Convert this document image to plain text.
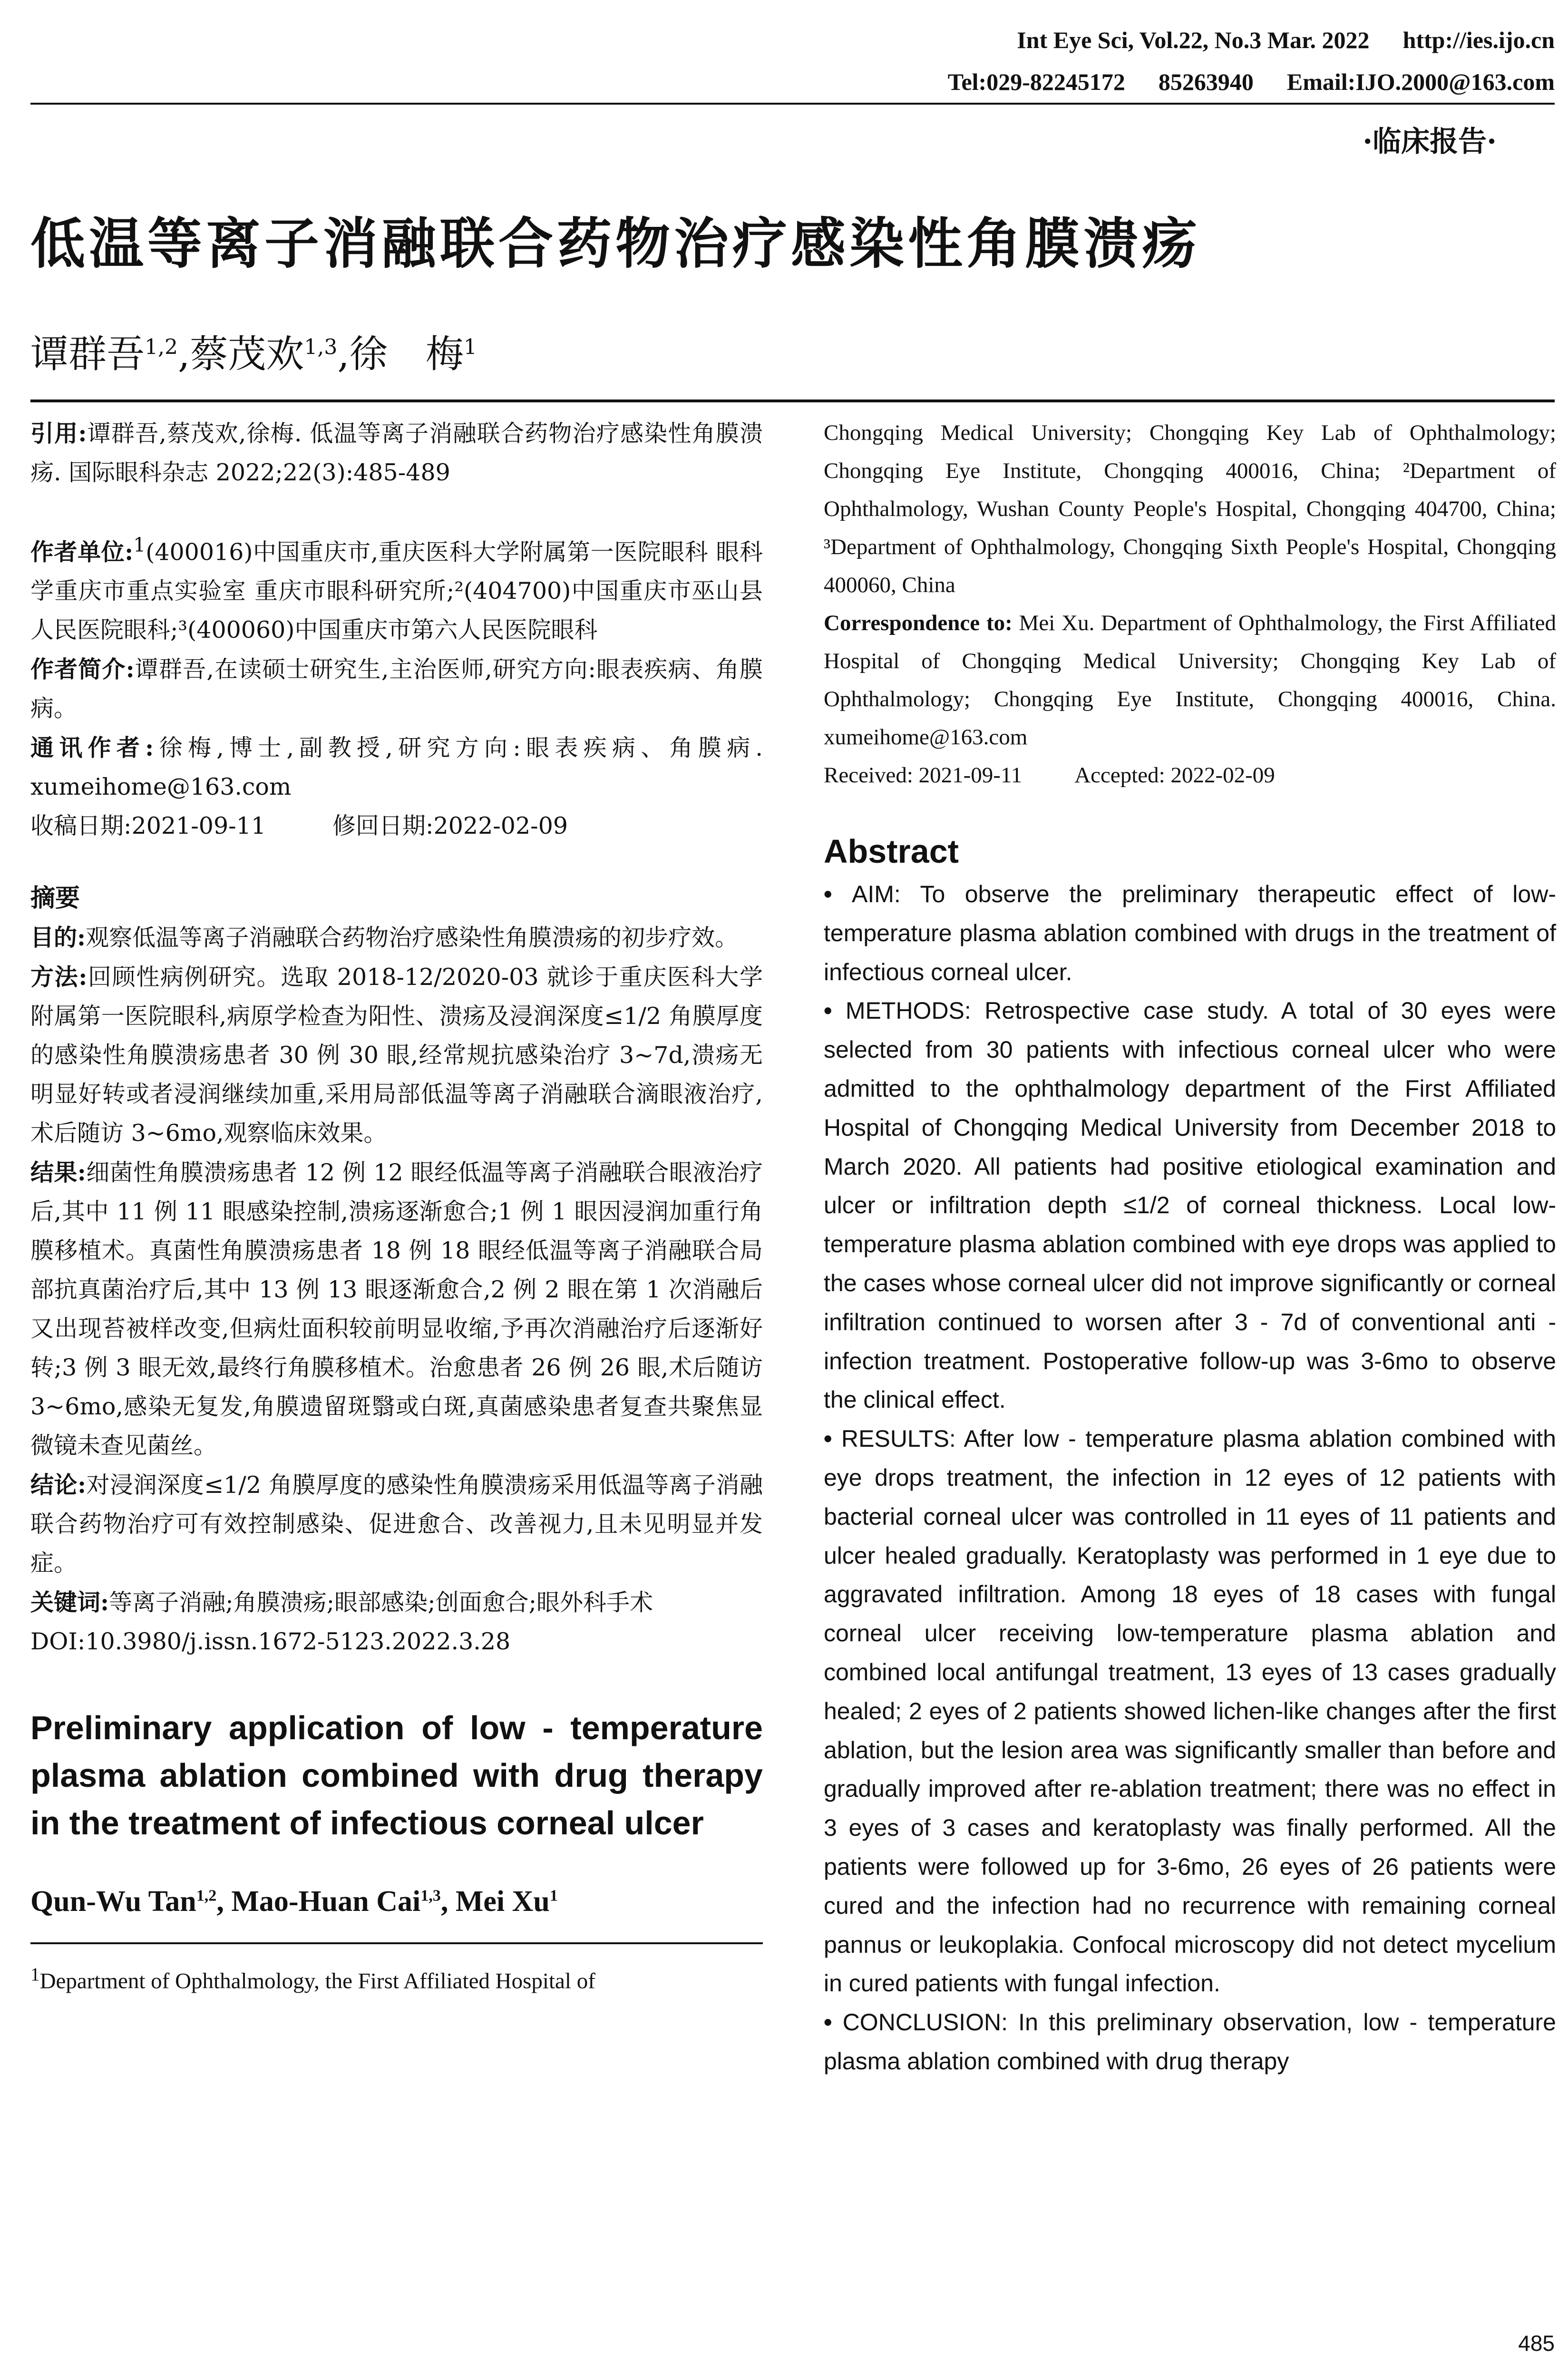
Int Eye Sci, Vol.22, No.3 Mar. 2022 http://ies.ijo.cn
Tel:029-82245172 85263940 Email:IJO.2000@163.com
·临床报告·
低温等离子消融联合药物治疗感染性角膜溃疡
谭群吾$^{1,2}$,蔡茂欢$^{1,3}$,徐　梅$^1$

引用:谭群吾,蔡茂欢,徐梅. 低温等离子消融联合药物治疗感染性角膜溃疡. 国际眼科杂志 2022;22(3):485-489

作者单位:$^1$(400016)中国重庆市,重庆医科大学附属第一医院眼科 眼科学重庆市重点实验室 重庆市眼科研究所;²(404700)中国重庆市巫山县人民医院眼科;³(400060)中国重庆市第六人民医院眼科

作者简介:谭群吾,在读硕士研究生,主治医师,研究方向:眼表疾病、角膜病。

通讯作者:徐梅,博士,副教授,研究方向:眼表疾病、角膜病. xumeihome@163.com

收稿日期:2021-09-11	修回日期:2022-02-09

摘要

目的:观察低温等离子消融联合药物治疗感染性角膜溃疡的初步疗效。

方法:回顾性病例研究。选取 2018-12/2020-03 就诊于重庆医科大学附属第一医院眼科,病原学检查为阳性、溃疡及浸润深度≤1/2 角膜厚度的感染性角膜溃疡患者 30 例 30 眼,经常规抗感染治疗 3~7d,溃疡无明显好转或者浸润继续加重,采用局部低温等离子消融联合滴眼液治疗,术后随访 3~6mo,观察临床效果。

结果:细菌性角膜溃疡患者 12 例 12 眼经低温等离子消融联合眼液治疗后,其中 11 例 11 眼感染控制,溃疡逐渐愈合;1 例 1 眼因浸润加重行角膜移植术。真菌性角膜溃疡患者 18 例 18 眼经低温等离子消融联合局部抗真菌治疗后,其中 13 例 13 眼逐渐愈合,2 例 2 眼在第 1 次消融后又出现苔被样改变,但病灶面积较前明显收缩,予再次消融治疗后逐渐好转;3 例 3 眼无效,最终行角膜移植术。治愈患者 26 例 26 眼,术后随访 3~6mo,感染无复发,角膜遗留斑翳或白斑,真菌感染患者复查共聚焦显微镜未查见菌丝。

结论:对浸润深度≤1/2 角膜厚度的感染性角膜溃疡采用低温等离子消融联合药物治疗可有效控制感染、促进愈合、改善视力,且未见明显并发症。

关键词:等离子消融;角膜溃疡;眼部感染;创面愈合;眼外科手术

DOI:10.3980/j.issn.1672-5123.2022.3.28

Preliminary application of low - temperature plasma ablation combined with drug therapy in the treatment of infectious corneal ulcer

Qun-Wu Tan$^{1,2}$, Mao-Huan Cai$^{1,3}$, Mei Xu$^1$

$^1$Department of Ophthalmology, the First Affiliated Hospital of

Chongqing Medical University; Chongqing Key Lab of Ophthalmology; Chongqing Eye Institute, Chongqing 400016, China; ²Department of Ophthalmology, Wushan County People's Hospital, Chongqing 404700, China; ³Department of Ophthalmology, Chongqing Sixth People's Hospital, Chongqing 400060, China

Correspondence to: Mei Xu. Department of Ophthalmology, the First Affiliated Hospital of Chongqing Medical University; Chongqing Key Lab of Ophthalmology; Chongqing Eye Institute, Chongqing 400016, China. xumeihome@163.com

Received: 2021-09-11 Accepted: 2022-02-09

Abstract

• AIM: To observe the preliminary therapeutic effect of low-temperature plasma ablation combined with drugs in the treatment of infectious corneal ulcer.

• METHODS: Retrospective case study. A total of 30 eyes were selected from 30 patients with infectious corneal ulcer who were admitted to the ophthalmology department of the First Affiliated Hospital of Chongqing Medical University from December 2018 to March 2020. All patients had positive etiological examination and ulcer or infiltration depth ≤1/2 of corneal thickness. Local low-temperature plasma ablation combined with eye drops was applied to the cases whose corneal ulcer did not improve significantly or corneal infiltration continued to worsen after 3 - 7d of conventional anti - infection treatment. Postoperative follow-up was 3-6mo to observe the clinical effect.

• RESULTS: After low - temperature plasma ablation combined with eye drops treatment, the infection in 12 eyes of 12 patients with bacterial corneal ulcer was controlled in 11 eyes of 11 patients and ulcer healed gradually. Keratoplasty was performed in 1 eye due to aggravated infiltration. Among 18 eyes of 18 cases with fungal corneal ulcer receiving low-temperature plasma ablation and combined local antifungal treatment, 13 eyes of 13 cases gradually healed; 2 eyes of 2 patients showed lichen-like changes after the first ablation, but the lesion area was significantly smaller than before and gradually improved after re-ablation treatment; there was no effect in 3 eyes of 3 cases and keratoplasty was finally performed. All the patients were followed up for 3-6mo, 26 eyes of 26 patients were cured and the infection had no recurrence with remaining corneal pannus or leukoplakia. Confocal microscopy did not detect mycelium in cured patients with fungal infection.

• CONCLUSION: In this preliminary observation, low - temperature plasma ablation combined with drug therapy

485
